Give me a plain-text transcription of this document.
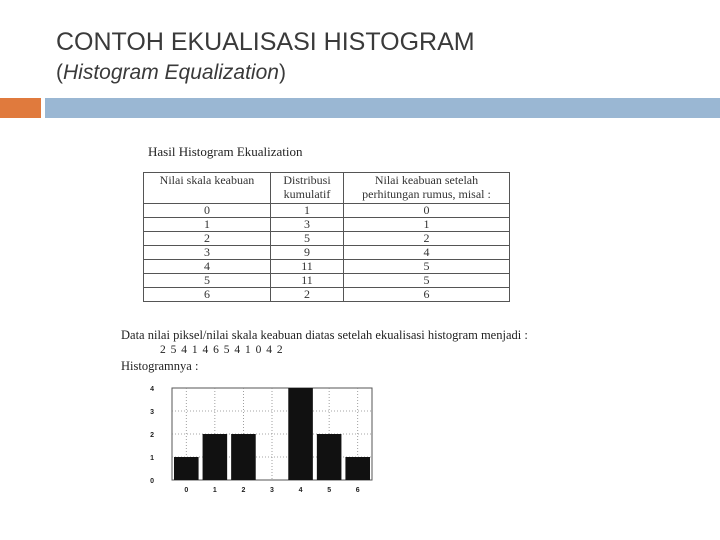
CONTOH EKUALISASI HISTOGRAM
(Histogram Equalization)
Hasil Histogram Ekualization
Nilai skala keabuan	Distribusi kumulatif	Nilai keabuan setelah perhitungan rumus, misal :
0	1	0
1	3	1
2	5	2
3	9	4
4	11	5
5	11	5
6	2	6
Data nilai piksel/nilai skala keabuan diatas setelah ekualisasi histogram menjadi :
2 5 4 1 4 6 5 4 1 0 4 2
Histogramnya :
0
1
2
3
4
0	1	2	3	4	5	6
